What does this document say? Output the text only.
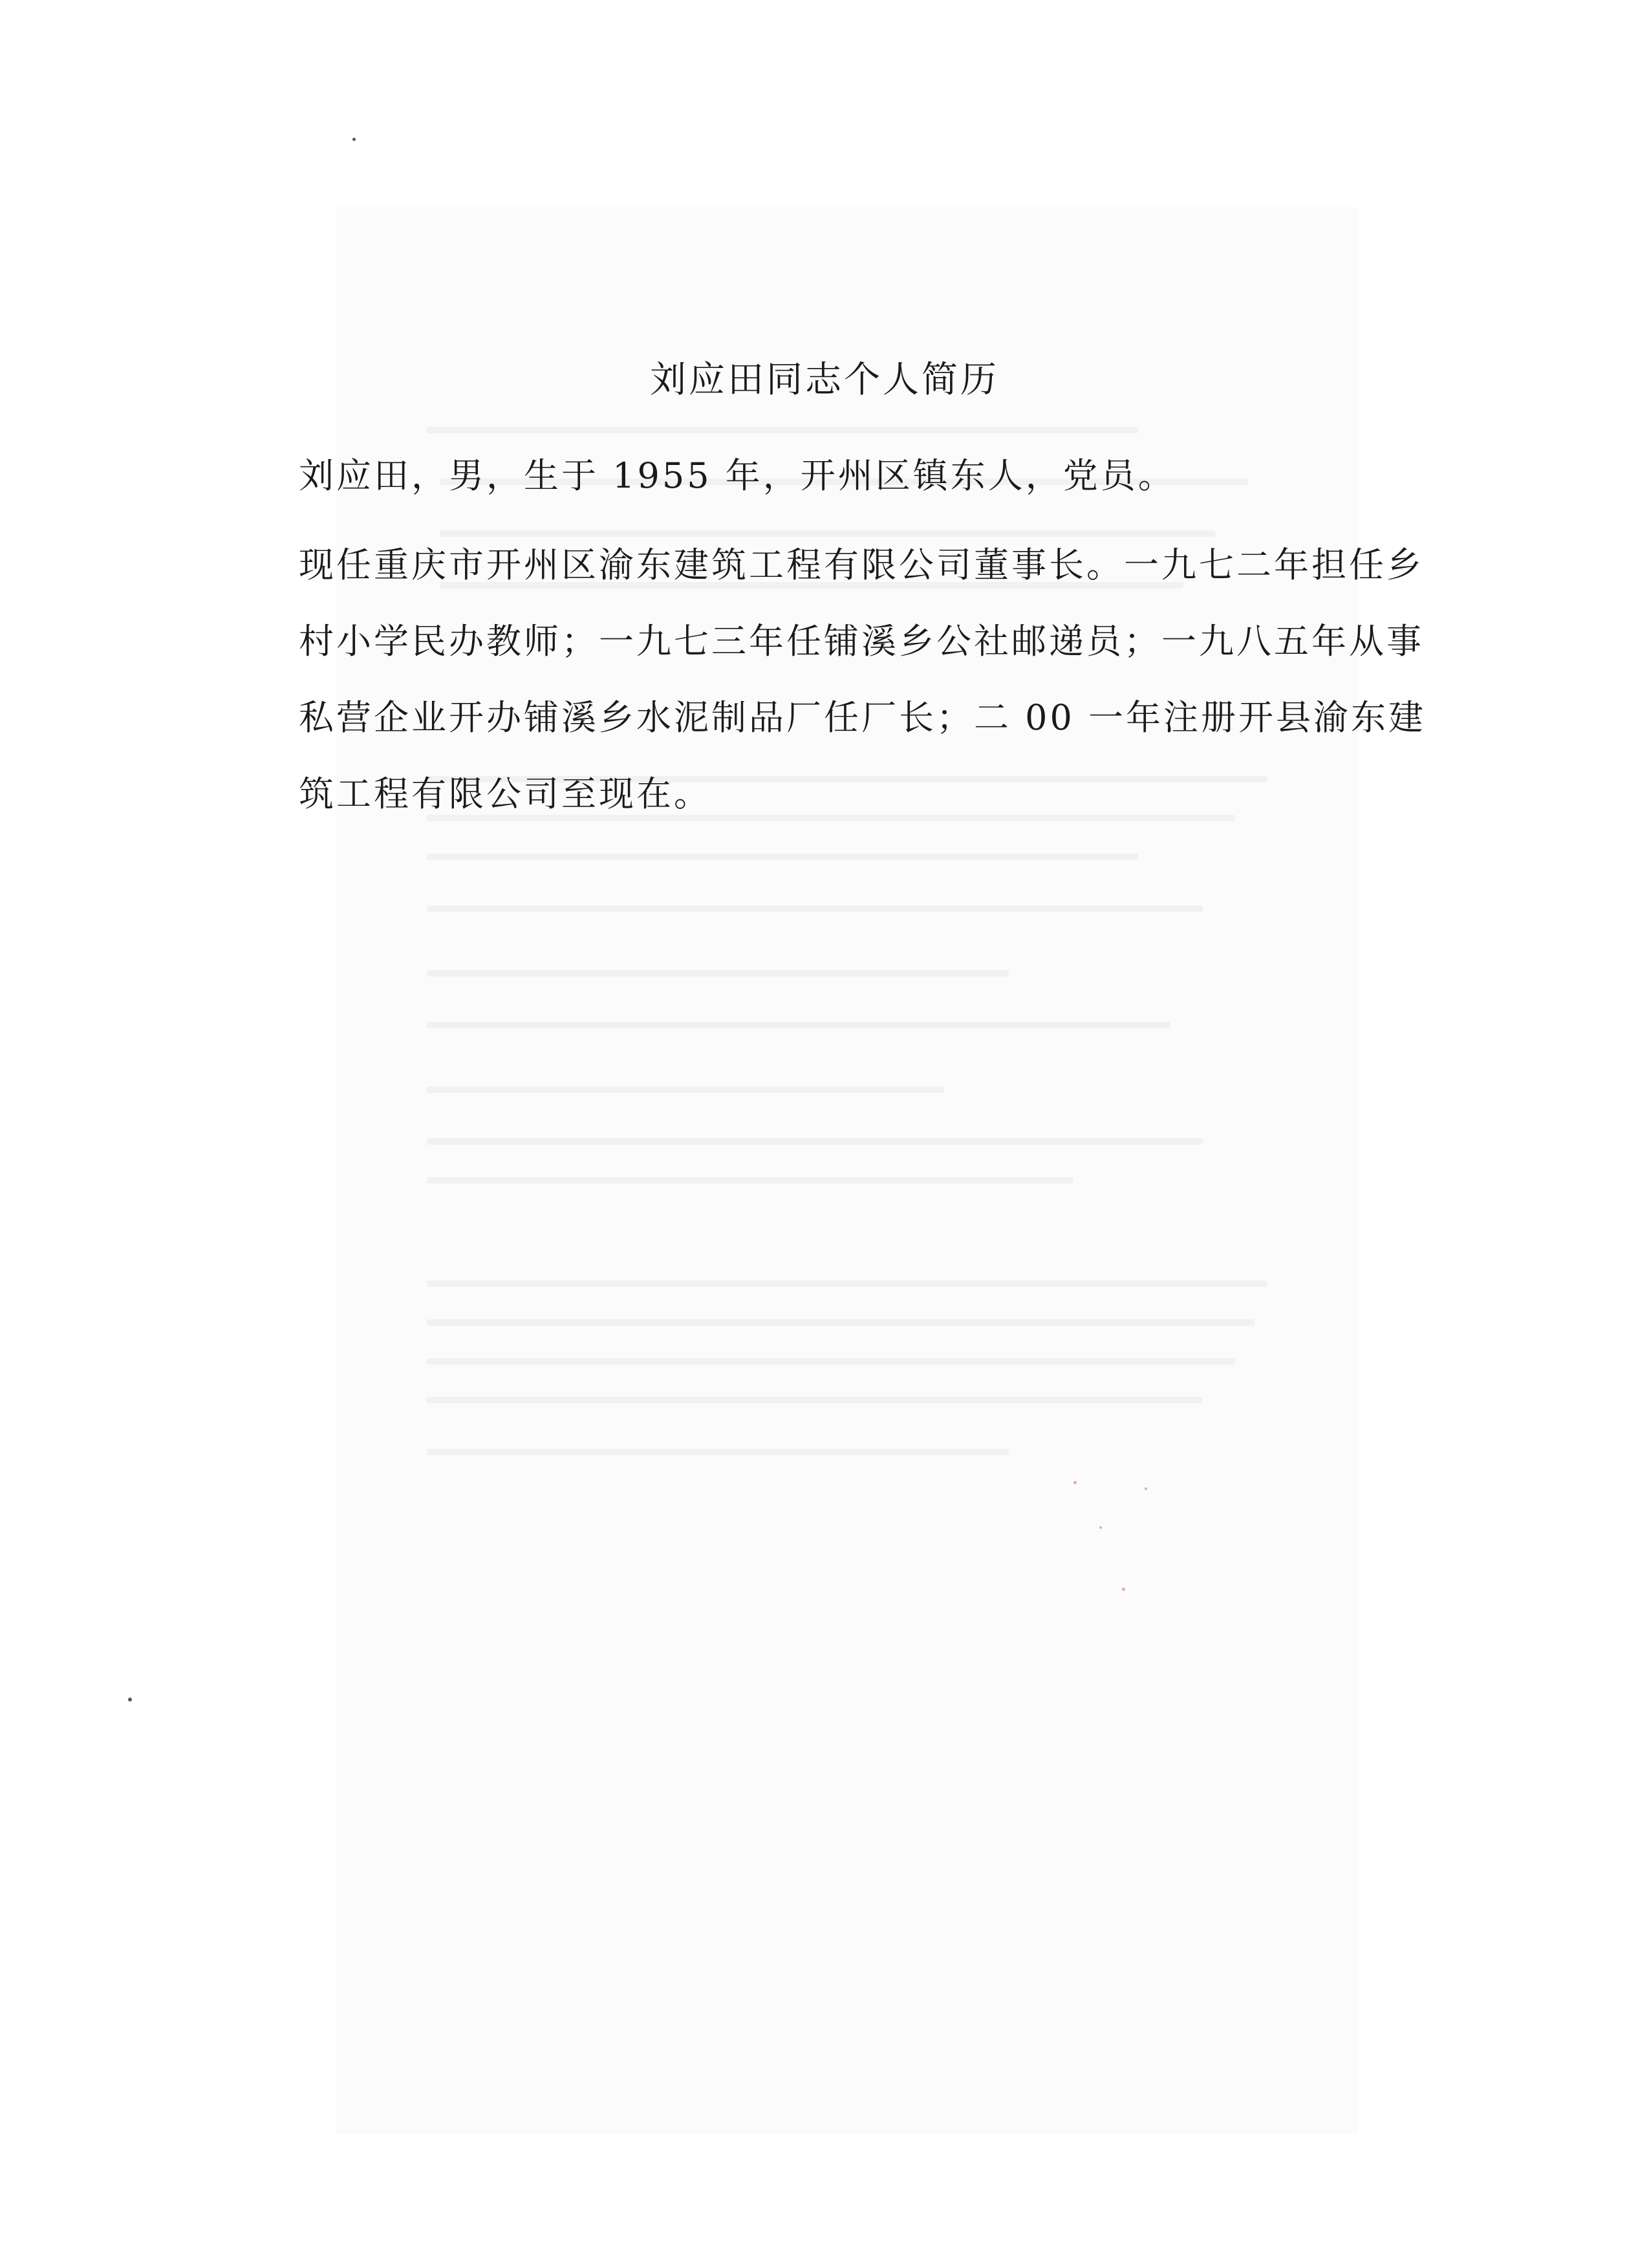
刘应田同志个人简历

刘应田，男，生于 1955 年，开州区镇东人，党员。

现任重庆市开州区渝东建筑工程有限公司董事长。一九七二年担任乡

村小学民办教师；一九七三年任铺溪乡公社邮递员；一九八五年从事

私营企业开办铺溪乡水泥制品厂任厂长；二 00 一年注册开县渝东建

筑工程有限公司至现在。
